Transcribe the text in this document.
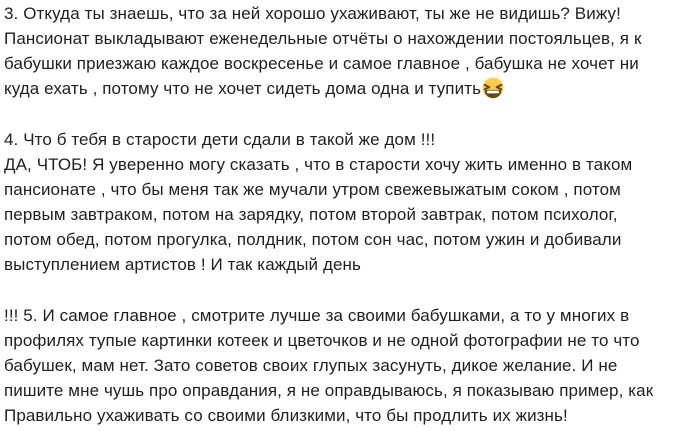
3. Откуда ты знаешь, что за ней хорошо ухаживают, ты же не видишь? Вижу!
Пансионат выкладывают еженедельные отчёты о нахождении постояльцев, я к
бабушки приезжаю каждое воскресенье и самое главное , бабушка не хочет ни
куда ехать , потому что не хочет сидеть дома одна и тупить
4. Что б тебя в старости дети сдали в такой же дом !!!
ДА, ЧТОБ! Я уверенно могу сказать , что в старости хочу жить именно в таком
пансионате , что бы меня так же мучали утром свежевыжатым соком , потом
первым завтраком, потом на зарядку, потом второй завтрак, потом психолог,
потом обед, потом прогулка, полдник, потом сон час, потом ужин и добивали
выступлением артистов ! И так каждый день
!!! 5. И самое главное , смотрите лучше за своими бабушками, а то у многих в
профилях тупые картинки котеек и цветочков и не одной фотографии не то что
бабушек, мам нет. Зато советов своих глупых засунуть, дикое желание. И не
пишите мне чушь про оправдания, я не оправдываюсь, я показываю пример, как
Правильно ухаживать со своими близкими, что бы продлить их жизнь!
